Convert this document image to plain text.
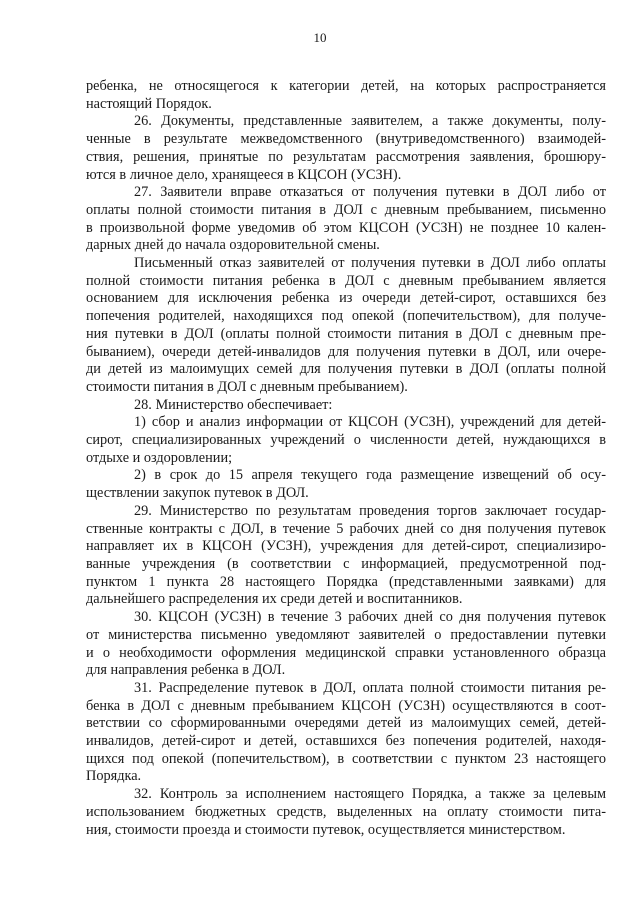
10
ребенка, не относящегося к категории детей, на которых распространяется
настоящий Порядок.
26. Документы, представленные заявителем, а также документы, полу-
ченные в результате межведомственного (внутриведомственного) взаимодей-
ствия, решения, принятые по результатам рассмотрения заявления, брошюру-
ются в личное дело, хранящееся в КЦСОН (УСЗН).
27. Заявители вправе отказаться от получения путевки в ДОЛ либо от
оплаты полной стоимости питания в ДОЛ с дневным пребыванием, письменно
в произвольной форме уведомив об этом КЦСОН (УСЗН) не позднее 10 кален-
дарных дней до начала оздоровительной смены.
Письменный отказ заявителей от получения путевки в ДОЛ либо оплаты
полной стоимости питания ребенка в ДОЛ с дневным пребыванием является
основанием для исключения ребенка из очереди детей-сирот, оставшихся без
попечения родителей, находящихся под опекой (попечительством), для получе-
ния путевки в ДОЛ (оплаты полной стоимости питания в ДОЛ с дневным пре-
быванием), очереди детей-инвалидов для получения путевки в ДОЛ, или очере-
ди детей из малоимущих семей для получения путевки в ДОЛ (оплаты полной
стоимости питания в ДОЛ с дневным пребыванием).
28. Министерство обеспечивает:
1) сбор и анализ информации от КЦСОН (УСЗН), учреждений для детей-
сирот, специализированных учреждений о численности детей, нуждающихся в
отдыхе и оздоровлении;
2) в срок до 15 апреля текущего года размещение извещений об осу-
ществлении закупок путевок в ДОЛ.
29. Министерство по результатам проведения торгов заключает государ-
ственные контракты с ДОЛ, в течение 5 рабочих дней со дня получения путевок
направляет их в КЦСОН (УСЗН), учреждения для детей-сирот, специализиро-
ванные учреждения (в соответствии с информацией, предусмотренной под-
пунктом 1 пункта 28 настоящего Порядка (представленными заявками) для
дальнейшего распределения их среди детей и воспитанников.
30. КЦСОН (УСЗН) в течение 3 рабочих дней со дня получения путевок
от министерства письменно уведомляют заявителей о предоставлении путевки
и о необходимости оформления медицинской справки установленного образца
для направления ребенка в ДОЛ.
31. Распределение путевок в ДОЛ, оплата полной стоимости питания ре-
бенка в ДОЛ с дневным пребыванием КЦСОН (УСЗН) осуществляются в соот-
ветствии со сформированными очередями детей из малоимущих семей, детей-
инвалидов, детей-сирот и детей, оставшихся без попечения родителей, находя-
щихся под опекой (попечительством), в соответствии с пунктом 23 настоящего
Порядка.
32. Контроль за исполнением настоящего Порядка, а также за целевым
использованием бюджетных средств, выделенных на оплату стоимости пита-
ния, стоимости проезда и стоимости путевок, осуществляется министерством.
